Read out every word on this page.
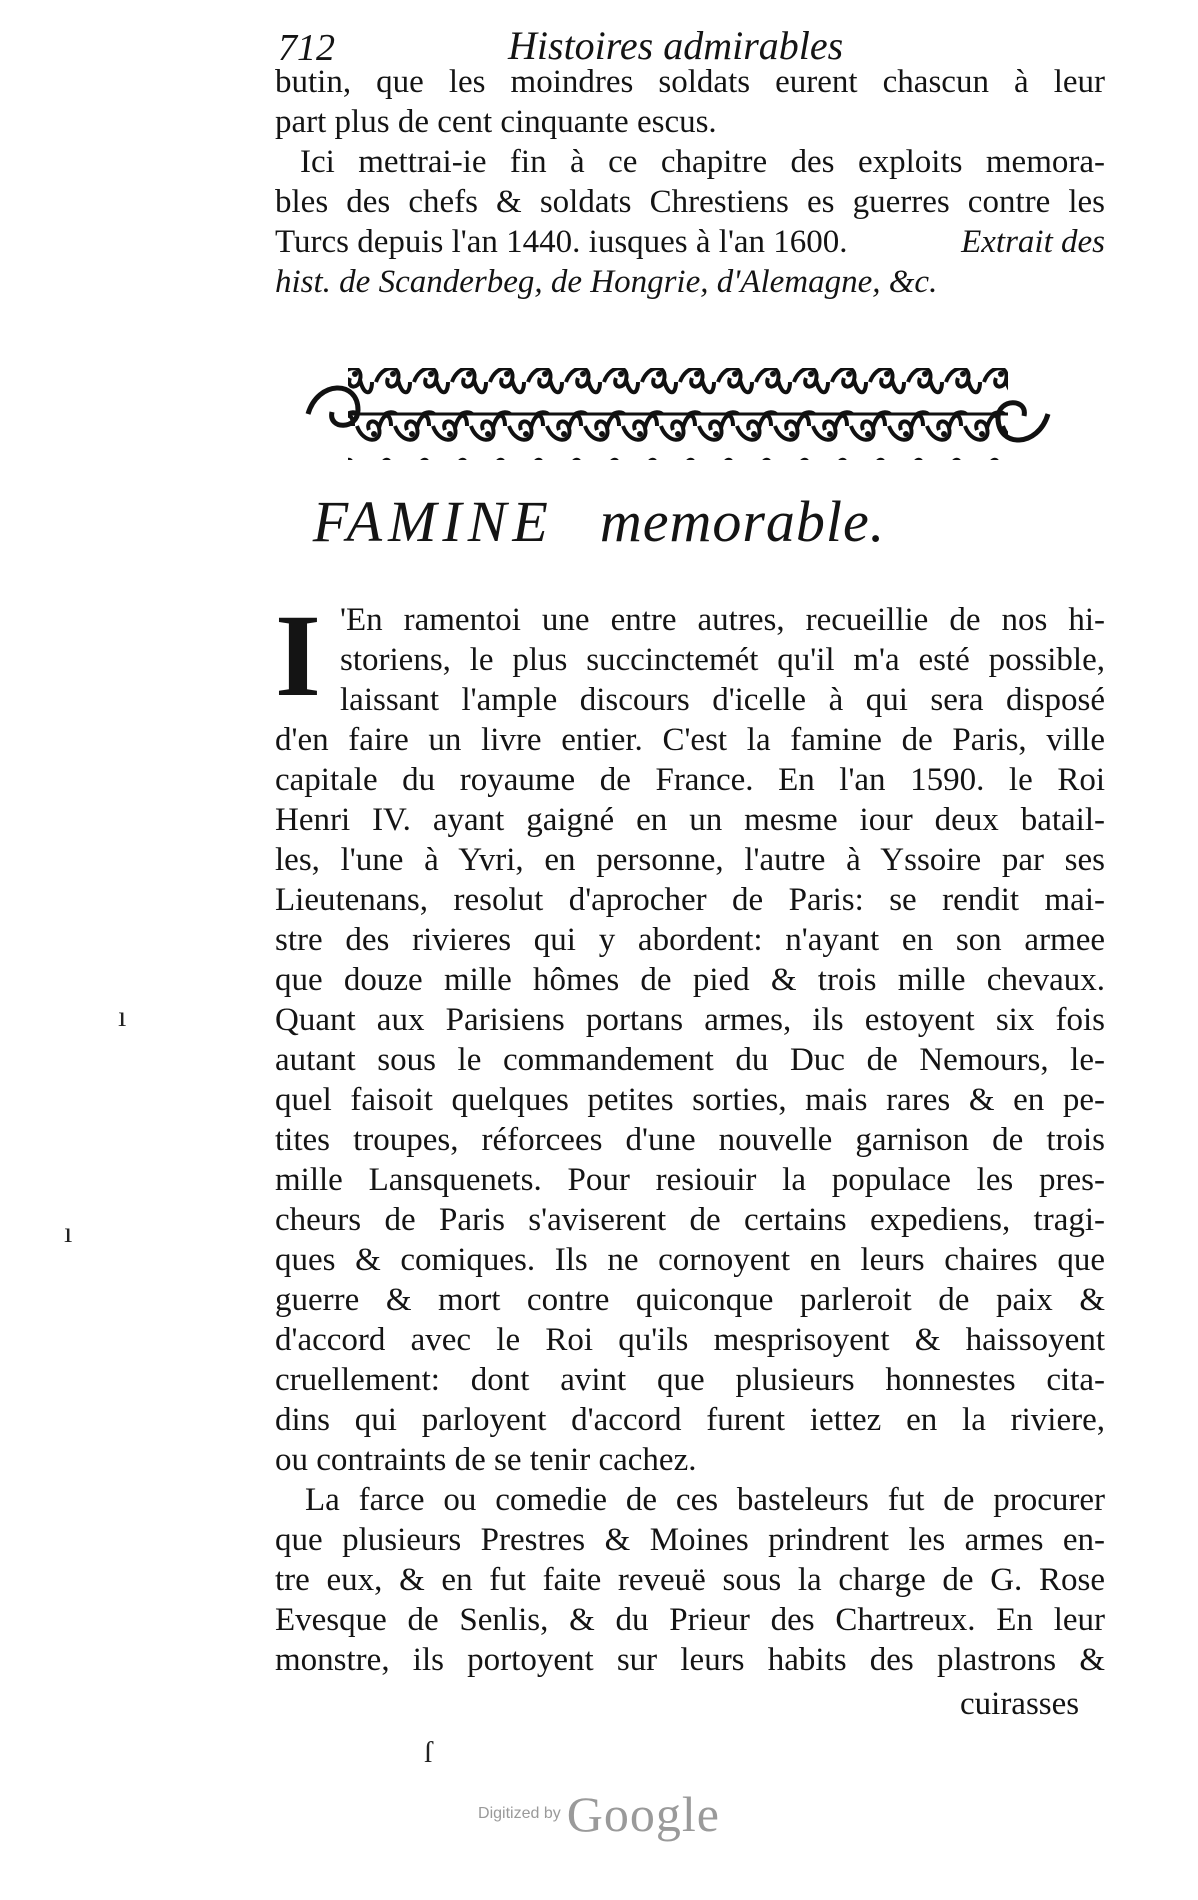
712	Histoires admirables
butin, que les moindres soldats eurent chascun à leur
part plus de cent cinquante escus.
Ici mettrai-ie fin à ce chapitre des exploits memora-
bles des chefs & soldats Chrestiens es guerres contre les
Turcs depuis l'an 1440. iusques à l'an 1600.	Extrait des
hist. de Scanderbeg, de Hongrie, d'Alemagne, &c.
FAMINE memorable.
I 'En ramentoi une entre autres, recueillie de nos hi-
storiens, le plus succinctemét qu'il m'a esté possible,
laissant l'ample discours d'icelle à qui sera disposé
d'en faire un livre entier. C'est la famine de Paris, ville
capitale du royaume de France. En l'an 1590. le Roi
Henri IV. ayant gaigné en un mesme iour deux batail-
les, l'une à Yvri, en personne, l'autre à Yssoire par ses
Lieutenans, resolut d'aprocher de Paris: se rendit mai-
stre des rivieres qui y abordent: n'ayant en son armee
que douze mille hômes de pied & trois mille chevaux.
Quant aux Parisiens portans armes, ils estoyent six fois
autant sous le commandement du Duc de Nemours, le-
quel faisoit quelques petites sorties, mais rares & en pe-
tites troupes, réforcees d'une nouvelle garnison de trois
mille Lansquenets. Pour resiouir la populace les pres-
cheurs de Paris s'aviserent de certains expediens, tragi-
ques & comiques. Ils ne cornoyent en leurs chaires que
guerre & mort contre quiconque parleroit de paix &
d'accord avec le Roi qu'ils mesprisoyent & haissoyent
cruellement: dont avint que plusieurs honnestes cita-
dins qui parloyent d'accord furent iettez en la riviere,
ou contraints de se tenir cachez.
La farce ou comedie de ces basteleurs fut de procurer
que plusieurs Prestres & Moines prindrent les armes en-
tre eux, & en fut faite reveuë sous la charge de G. Rose
Evesque de Senlis, & du Prieur des Chartreux. En leur
monstre, ils portoyent sur leurs habits des plastrons &
cuirasses
ı
ı
ſ
Digitized by Google
